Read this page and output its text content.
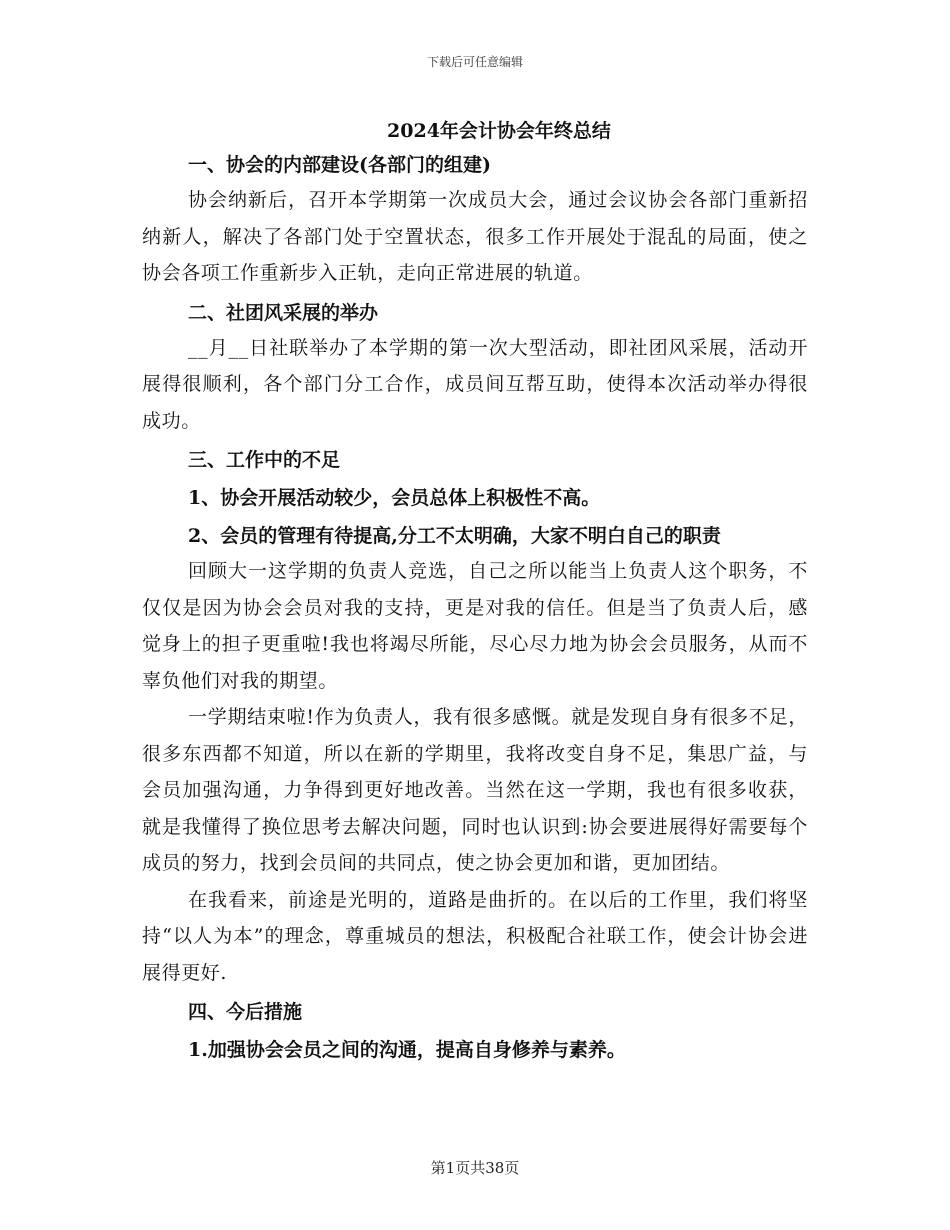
下载后可任意编辑
2024年会计协会年终总结
一、协会的内部建设(各部门的组建)
协会纳新后，召开本学期第一次成员大会，通过会议协会各部门重新招纳新人，解决了各部门处于空置状态，很多工作开展处于混乱的局面，使之协会各项工作重新步入正轨，走向正常进展的轨道。
二、社团风采展的举办
__月__日社联举办了本学期的第一次大型活动，即社团风采展，活动开展得很顺利，各个部门分工合作，成员间互帮互助，使得本次活动举办得很成功。
三、工作中的不足
1、协会开展活动较少，会员总体上积极性不高。
2、会员的管理有待提高,分工不太明确，大家不明白自己的职责
回顾大一这学期的负责人竞选，自己之所以能当上负责人这个职务，不仅仅是因为协会会员对我的支持，更是对我的信任。但是当了负责人后，感觉身上的担子更重啦!我也将竭尽所能，尽心尽力地为协会会员服务，从而不辜负他们对我的期望。
一学期结束啦!作为负责人，我有很多感慨。就是发现自身有很多不足，很多东西都不知道，所以在新的学期里，我将改变自身不足，集思广益，与会员加强沟通，力争得到更好地改善。当然在这一学期，我也有很多收获，就是我懂得了换位思考去解决问题，同时也认识到:协会要进展得好需要每个成员的努力，找到会员间的共同点，使之协会更加和谐，更加团结。
在我看来，前途是光明的，道路是曲折的。在以后的工作里，我们将坚持“以人为本”的理念，尊重城员的想法，积极配合社联工作，使会计协会进展得更好.
四、今后措施
1.加强协会会员之间的沟通，提高自身修养与素养。
第1页共38页
